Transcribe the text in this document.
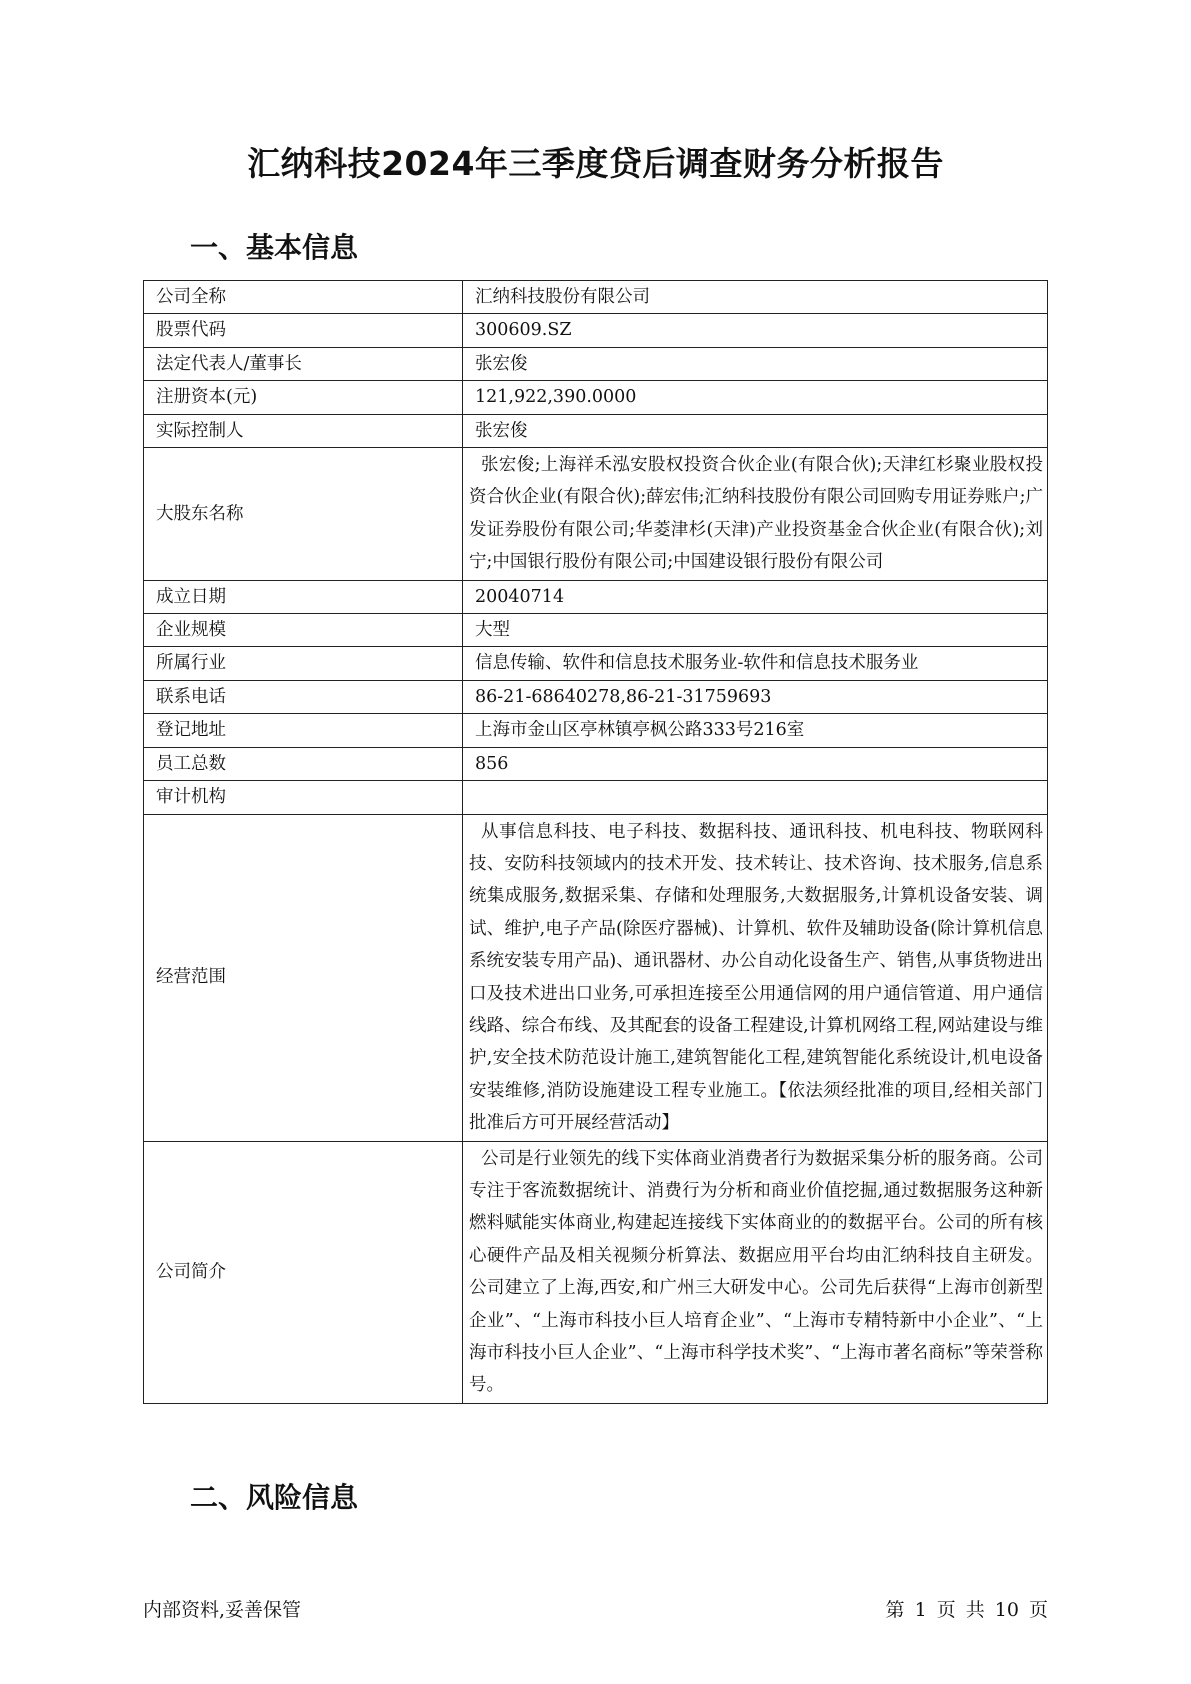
汇纳科技2024年三季度贷后调查财务分析报告
一、基本信息
公司全称	汇纳科技股份有限公司
股票代码	300609.SZ
法定代表人/董事长	张宏俊
注册资本(元)	121,922,390.0000
实际控制人	张宏俊
大股东名称	张宏俊;上海祥禾泓安股权投资合伙企业(有限合伙);天津红杉聚业股权投资合伙企业(有限合伙);薛宏伟;汇纳科技股份有限公司回购专用证券账户;广发证券股份有限公司;华菱津杉(天津)产业投资基金合伙企业(有限合伙);刘宁;中国银行股份有限公司;中国建设银行股份有限公司
成立日期	20040714
企业规模	大型
所属行业	信息传输、软件和信息技术服务业-软件和信息技术服务业
联系电话	86-21-68640278,86-21-31759693
登记地址	上海市金山区亭林镇亭枫公路333号216室
员工总数	856
审计机构	
经营范围	从事信息科技、电子科技、数据科技、通讯科技、机电科技、物联网科技、安防科技领域内的技术开发、技术转让、技术咨询、技术服务,信息系统集成服务,数据采集、存储和处理服务,大数据服务,计算机设备安装、调试、维护,电子产品(除医疗器械)、计算机、软件及辅助设备(除计算机信息系统安装专用产品)、通讯器材、办公自动化设备生产、销售,从事货物进出口及技术进出口业务,可承担连接至公用通信网的用户通信管道、用户通信线路、综合布线、及其配套的设备工程建设,计算机网络工程,网站建设与维护,安全技术防范设计施工,建筑智能化工程,建筑智能化系统设计,机电设备安装维修,消防设施建设工程专业施工。【依法须经批准的项目,经相关部门批准后方可开展经营活动】
公司简介	公司是行业领先的线下实体商业消费者行为数据采集分析的服务商。公司专注于客流数据统计、消费行为分析和商业价值挖掘,通过数据服务这种新燃料赋能实体商业,构建起连接线下实体商业的的数据平台。公司的所有核心硬件产品及相关视频分析算法、数据应用平台均由汇纳科技自主研发。公司建立了上海,西安,和广州三大研发中心。公司先后获得“上海市创新型企业”、“上海市科技小巨人培育企业”、“上海市专精特新中小企业”、“上海市科技小巨人企业”、“上海市科学技术奖”、“上海市著名商标”等荣誉称号。
二、风险信息
内部资料,妥善保管	第 1 页 共 10 页
